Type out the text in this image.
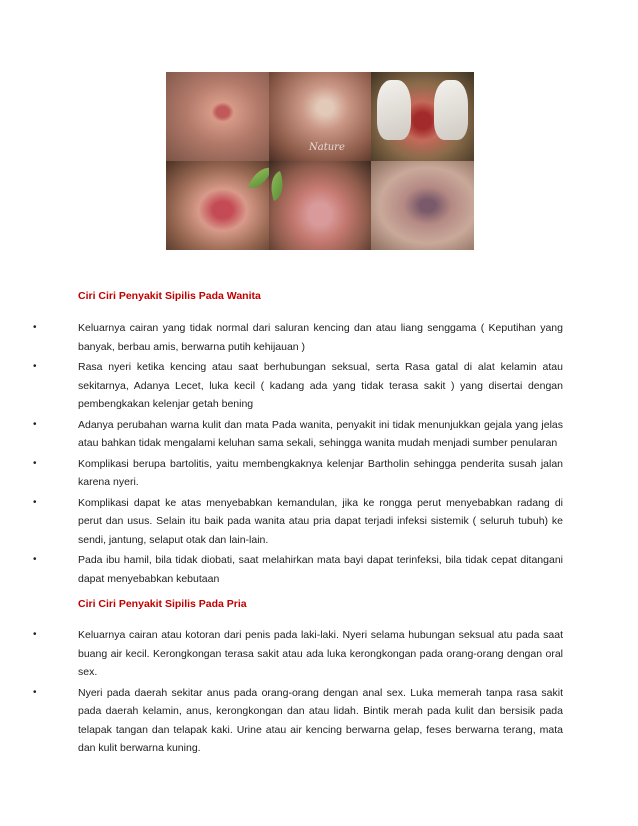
Nature
Ciri Ciri Penyakit Sipilis Pada Wanita
•	Keluarnya cairan yang tidak normal dari saluran kencing dan atau liang senggama ( Keputihan yang banyak, berbau amis, berwarna putih kehijauan )
•	Rasa nyeri ketika kencing atau saat berhubungan seksual, serta Rasa gatal di alat kelamin atau sekitarnya, Adanya Lecet, luka kecil ( kadang ada yang tidak terasa sakit ) yang disertai dengan pembengkakan kelenjar getah bening
•	Adanya perubahan warna kulit dan mata Pada wanita, penyakit ini tidak menunjukkan gejala yang jelas atau bahkan tidak mengalami keluhan sama sekali, sehingga wanita mudah menjadi sumber penularan
•	Komplikasi berupa bartolitis, yaitu membengkaknya kelenjar Bartholin sehingga penderita susah jalan karena nyeri.
•	Komplikasi dapat ke atas menyebabkan kemandulan, jika ke rongga perut menyebabkan radang di perut dan usus. Selain itu baik pada wanita atau pria dapat terjadi infeksi sistemik ( seluruh tubuh) ke sendi, jantung, selaput otak dan lain-lain.
•	Pada ibu hamil, bila tidak diobati, saat melahirkan mata bayi dapat terinfeksi, bila tidak cepat ditangani dapat menyebabkan kebutaan
Ciri Ciri Penyakit Sipilis Pada Pria
•	Keluarnya cairan atau kotoran dari penis pada laki-laki. Nyeri selama hubungan seksual atu pada saat buang air kecil. Kerongkongan terasa sakit atau ada luka kerongkongan pada orang-orang dengan oral sex.
•	Nyeri pada daerah sekitar anus pada orang-orang dengan anal sex. Luka memerah tanpa rasa sakit pada daerah kelamin, anus, kerongkongan dan atau lidah. Bintik merah pada kulit dan bersisik pada telapak tangan dan telapak kaki. Urine atau air kencing berwarna gelap, feses berwarna terang, mata dan kulit berwarna kuning.
